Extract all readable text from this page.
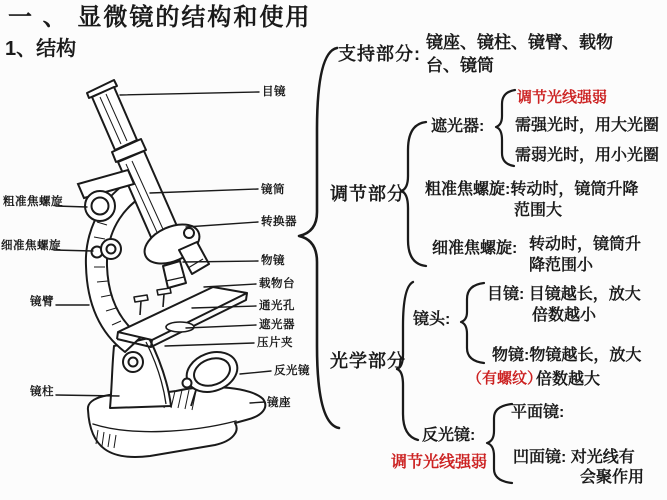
一 、 显微镜的结构和使用
1、结构
目镜
镜筒
转换器
物镜
载物台
通光孔
遮光器
压片夹
反光镜
镜座
粗准焦螺旋
细准焦螺旋
镜臂
镜柱
支持部分:
镜座、镜柱、镜臂、载物台、镜筒
调节部分
遮光器:
调节光线强弱
需强光时，用大光圈
需弱光时，用小光圈
粗准焦螺旋:转动时，镜筒升降
范围大
细准焦螺旋: 转动时，镜筒升
降范围小
光学部分
镜头:
目镜: 目镜越长，放大
倍数越小
物镜:物镜越长，放大
（有螺纹）
倍数越大
反光镜:
调节光线强弱
平面镜:
凹面镜: 对光线有
会聚作用
